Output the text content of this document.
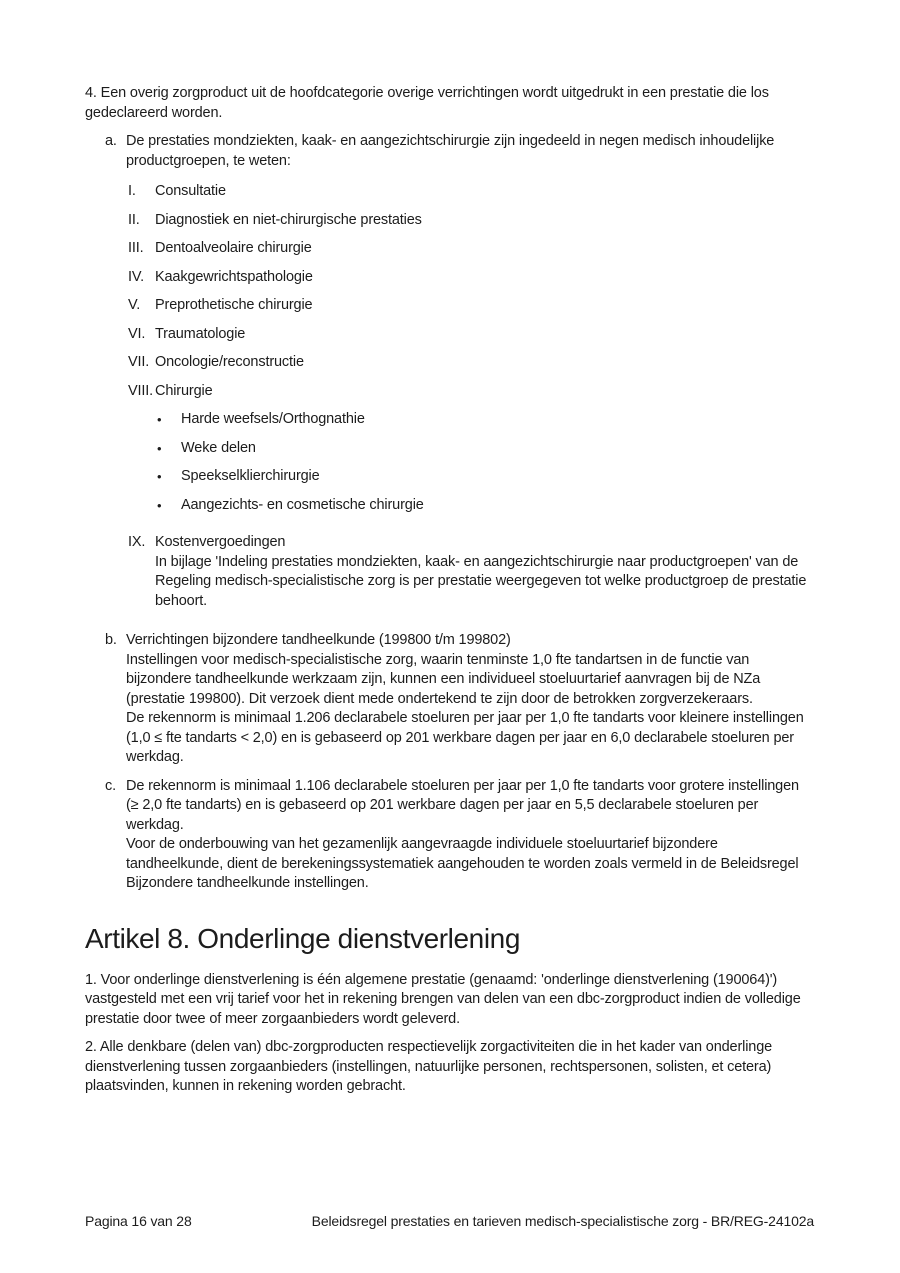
4. Een overig zorgproduct uit de hoofdcategorie overige verrichtingen wordt uitgedrukt in een prestatie die los gedeclareerd worden.

a. De prestaties mondziekten, kaak- en aangezichtschirurgie zijn ingedeeld in negen medisch inhoudelijke productgroepen, te weten:
I.	Consultatie
II.	Diagnostiek en niet-chirurgische prestaties
III. Dentoalveolaire chirurgie
IV. Kaakgewrichtspathologie
V.	Preprothetische chirurgie
VI. Traumatologie
VII. Oncologie/reconstructie
VIII. Chirurgie
•	Harde weefsels/Orthognathie
•	Weke delen
•	Speekselklierchirurgie
•	Aangezichts- en cosmetische chirurgie
IX. Kostenvergoedingen
In bijlage 'Indeling prestaties mondziekten, kaak- en aangezichtschirurgie naar productgroepen' van de Regeling medisch-specialistische zorg is per prestatie weergegeven tot welke productgroep de prestatie behoort.
b. Verrichtingen bijzondere tandheelkunde (199800 t/m 199802)
Instellingen voor medisch-specialistische zorg, waarin tenminste 1,0 fte tandartsen in de functie van bijzondere tandheelkunde werkzaam zijn, kunnen een individueel stoeluurtarief aanvragen bij de NZa (prestatie 199800). Dit verzoek dient mede ondertekend te zijn door de betrokken zorgverzekeraars.
De rekennorm is minimaal 1.206 declarabele stoeluren per jaar per 1,0 fte tandarts voor kleinere instellingen (1,0 ≤ fte tandarts < 2,0) en is gebaseerd op 201 werkbare dagen per jaar en 6,0 declarabele stoeluren per werkdag.
c. De rekennorm is minimaal 1.106 declarabele stoeluren per jaar per 1,0 fte tandarts voor grotere instellingen (≥ 2,0 fte tandarts) en is gebaseerd op 201 werkbare dagen per jaar en 5,5 declarabele stoeluren per werkdag.
Voor de onderbouwing van het gezamenlijk aangevraagde individuele stoeluurtarief bijzondere tandheelkunde, dient de berekeningssystematiek aangehouden te worden zoals vermeld in de Beleidsregel Bijzondere tandheelkunde instellingen.
Artikel 8. Onderlinge dienstverlening

1. Voor onderlinge dienstverlening is één algemene prestatie (genaamd: 'onderlinge dienstverlening (190064)') vastgesteld met een vrij tarief voor het in rekening brengen van delen van een dbc-zorgproduct indien de volledige prestatie door twee of meer zorgaanbieders wordt geleverd.

2. Alle denkbare (delen van) dbc-zorgproducten respectievelijk zorgactiviteiten die in het kader van onderlinge dienstverlening tussen zorgaanbieders (instellingen, natuurlijke personen, rechtspersonen, solisten, et cetera) plaatsvinden, kunnen in rekening worden gebracht.

Pagina 16 van 28	Beleidsregel prestaties en tarieven medisch-specialistische zorg - BR/REG-24102a
